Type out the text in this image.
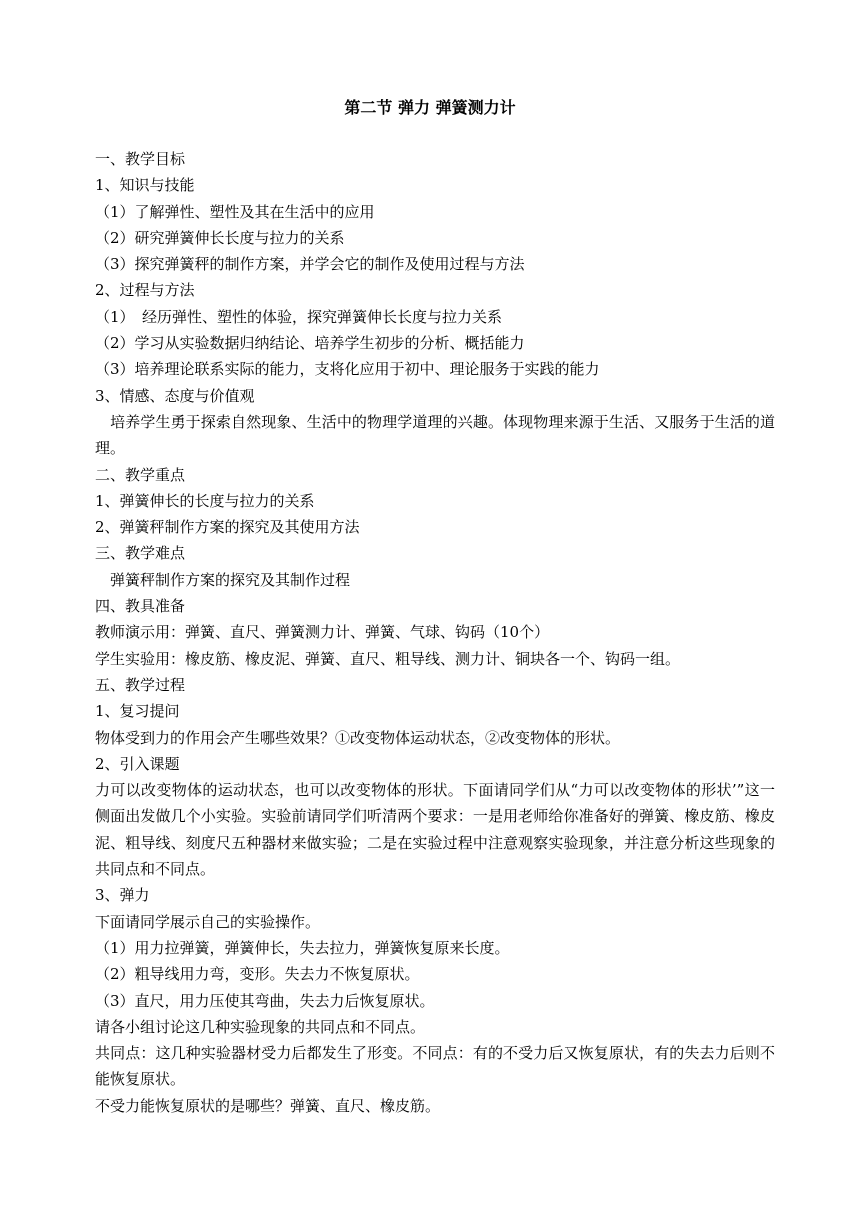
第二节 弹力 弹簧测力计

一、教学目标

1、知识与技能

（1）了解弹性、塑性及其在生活中的应用

（2）研究弹簧伸长长度与拉力的关系

（3）探究弹簧秤的制作方案，并学会它的制作及使用过程与方法

2、过程与方法

（1）　经历弹性、塑性的体验，探究弹簧伸长长度与拉力关系

（2）学习从实验数据归纳结论、培养学生初步的分析、概括能力

（3）培养理论联系实际的能力，支将化应用于初中、理论服务于实践的能力

3、情感、态度与价值观

　培养学生勇于探索自然现象、生活中的物理学道理的兴趣。体现物理来源于生活、又服务于生活的道理。

二、教学重点

1、弹簧伸长的长度与拉力的关系

2、弹簧秤制作方案的探究及其使用方法

三、教学难点

　弹簧秤制作方案的探究及其制作过程

四、教具准备

教师演示用：弹簧、直尺、弹簧测力计、弹簧、气球、钩码（10个）

学生实验用：橡皮筋、橡皮泥、弹簧、直尺、粗导线、测力计、铜块各一个、钩码一组。

五、教学过程

1、复习提问

物体受到力的作用会产生哪些效果？①改变物体运动状态，②改变物体的形状。

2、引入课题

力可以改变物体的运动状态，也可以改变物体的形状。下面请同学们从“力可以改变物体的形状’”这一侧面出发做几个小实验。实验前请同学们听清两个要求：一是用老师给你准备好的弹簧、橡皮筋、橡皮泥、粗导线、刻度尺五种器材来做实验；二是在实验过程中注意观察实验现象，并注意分析这些现象的共同点和不同点。

3、弹力

下面请同学展示自己的实验操作。

（1）用力拉弹簧，弹簧伸长，失去拉力，弹簧恢复原来长度。

（2）粗导线用力弯，变形。失去力不恢复原状。

（3）直尺，用力压使其弯曲，失去力后恢复原状。

请各小组讨论这几种实验现象的共同点和不同点。

共同点：这几种实验器材受力后都发生了形变。不同点：有的不受力后又恢复原状，有的失去力后则不能恢复原状。

不受力能恢复原状的是哪些？弹簧、直尺、橡皮筋。
